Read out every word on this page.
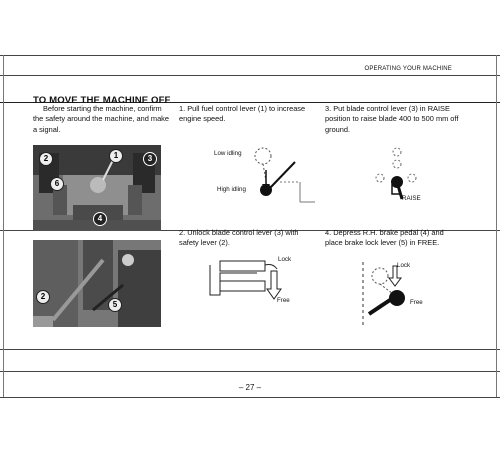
OPERATING YOUR MACHINE
TO MOVE THE MACHINE OFF
Before starting the machine, confirm the safety around the machine, and make a signal.
2	1	3
6
4
2
5
1. Pull fuel control lever (1) to increase engine speed.
2. Unlock blade control lever (3) with safety lever (2).
3. Put blade control lever (3) in RAISE position to raise blade 400 to 500 mm off ground.
4. Depress R.H. brake pedal (4) and place brake lock lever (5) in FREE.
Low idling
High idling
RAISE
Lock
Free
Lock
Free
– 27 –
